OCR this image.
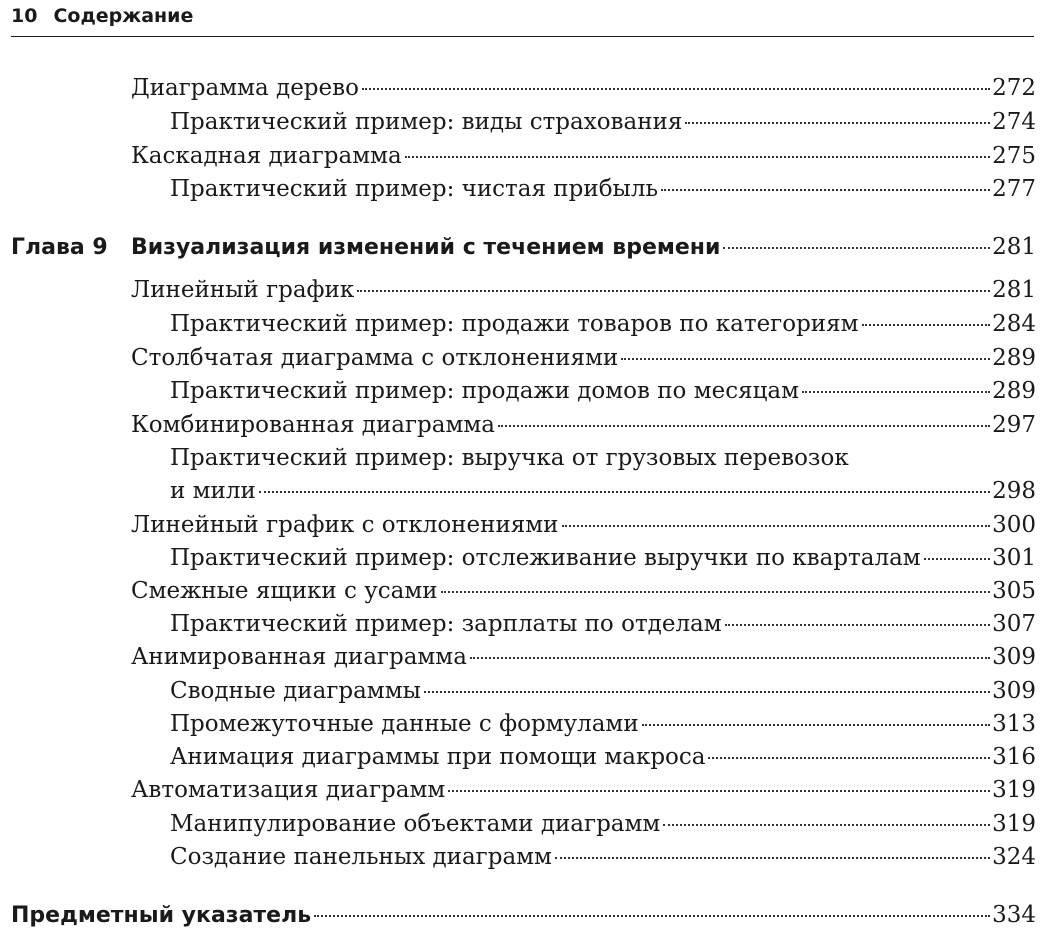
10 Содержание
Диаграмма дерево	272
Практический пример: виды страхования	274
Каскадная диаграмма	275
Практический пример: чистая прибыль	277
Глава 9 Визуализация изменений с течением времени	281
Линейный график	281
Практический пример: продажи товаров по категориям	284
Столбчатая диаграмма с отклонениями	289
Практический пример: продажи домов по месяцам	289
Комбинированная диаграмма	297
Практический пример: выручка от грузовых перевозок
и мили	298
Линейный график с отклонениями	300
Практический пример: отслеживание выручки по кварталам	301
Смежные ящики с усами	305
Практический пример: зарплаты по отделам	307
Анимированная диаграмма	309
Сводные диаграммы	309
Промежуточные данные с формулами	313
Анимация диаграммы при помощи макроса	316
Автоматизация диаграмм	319
Манипулирование объектами диаграмм	319
Создание панельных диаграмм	324
Предметный указатель	334
